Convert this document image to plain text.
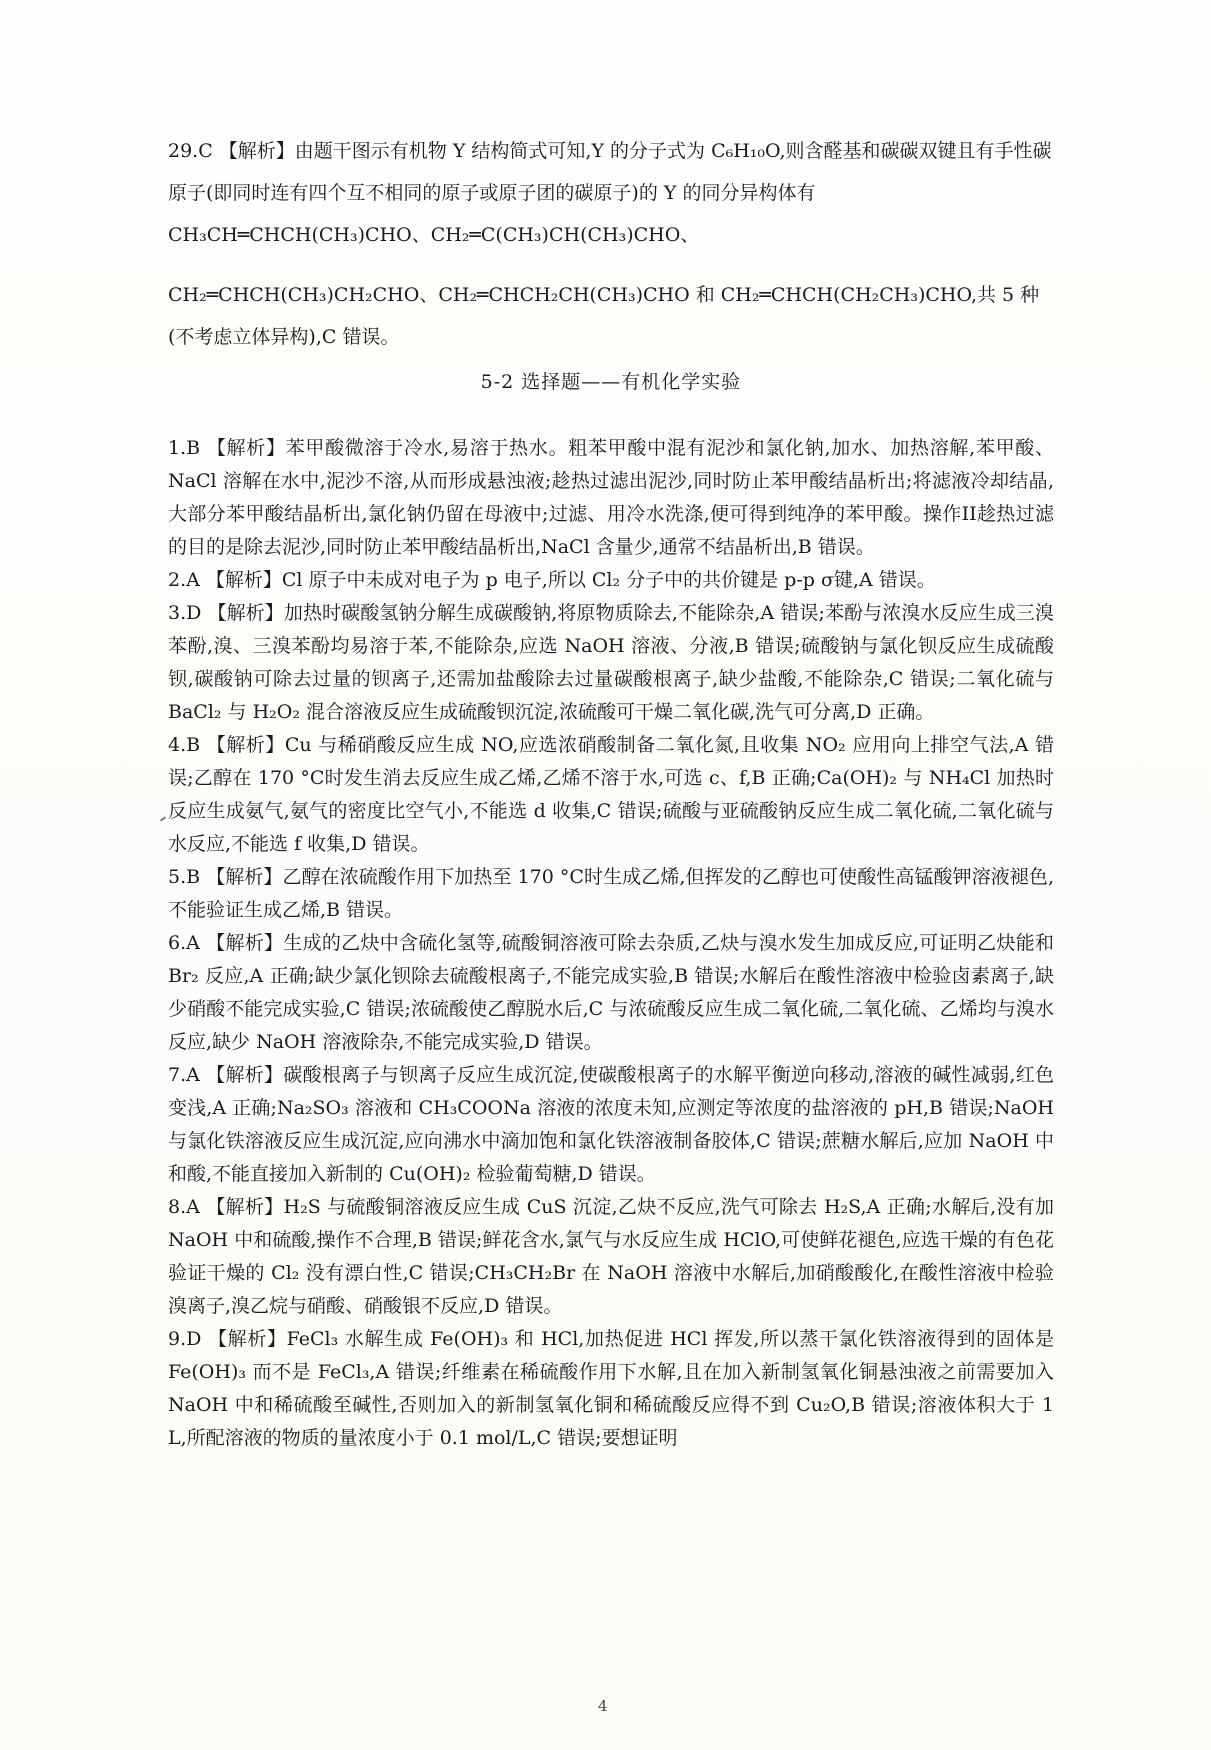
29.C 【解析】由题干图示有机物 Y 结构简式可知,Y 的分子式为 C₆H₁₀O,则含醛基和碳碳双键且有手性碳原子(即同时连有四个互不相同的原子或原子团的碳原子)的 Y 的同分异构体有 CH₃CH═CHCH(CH₃)CHO、CH₂═C(CH₃)CH(CH₃)CHO、

CH₂═CHCH(CH₃)CH₂CHO、CH₂═CHCH₂CH(CH₃)CHO 和 CH₂═CHCH(CH₂CH₃)CHO,共 5 种(不考虑立体异构),C 错误。

5-2 选择题——有机化学实验

1.B 【解析】苯甲酸微溶于冷水,易溶于热水。粗苯甲酸中混有泥沙和氯化钠,加水、加热溶解,苯甲酸、NaCl 溶解在水中,泥沙不溶,从而形成悬浊液;趁热过滤出泥沙,同时防止苯甲酸结晶析出;将滤液冷却结晶,大部分苯甲酸结晶析出,氯化钠仍留在母液中;过滤、用冷水洗涤,便可得到纯净的苯甲酸。操作II趁热过滤的目的是除去泥沙,同时防止苯甲酸结晶析出,NaCl 含量少,通常不结晶析出,B 错误。

2.A 【解析】Cl 原子中未成对电子为 p 电子,所以 Cl₂ 分子中的共价键是 p-p σ键,A 错误。

3.D 【解析】加热时碳酸氢钠分解生成碳酸钠,将原物质除去,不能除杂,A 错误;苯酚与浓溴水反应生成三溴苯酚,溴、三溴苯酚均易溶于苯,不能除杂,应选 NaOH 溶液、分液,B 错误;硫酸钠与氯化钡反应生成硫酸钡,碳酸钠可除去过量的钡离子,还需加盐酸除去过量碳酸根离子,缺少盐酸,不能除杂,C 错误;二氧化硫与 BaCl₂ 与 H₂O₂ 混合溶液反应生成硫酸钡沉淀,浓硫酸可干燥二氧化碳,洗气可分离,D 正确。

4.B 【解析】Cu 与稀硝酸反应生成 NO,应选浓硝酸制备二氧化氮,且收集 NO₂ 应用向上排空气法,A 错误;乙醇在 170 °C时发生消去反应生成乙烯,乙烯不溶于水,可选 c、f,B 正确;Ca(OH)₂ 与 NH₄Cl 加热时反应生成氨气,氨气的密度比空气小,不能选 d 收集,C 错误;硫酸与亚硫酸钠反应生成二氧化硫,二氧化硫与水反应,不能选 f 收集,D 错误。

5.B 【解析】乙醇在浓硫酸作用下加热至 170 °C时生成乙烯,但挥发的乙醇也可使酸性高锰酸钾溶液褪色,不能验证生成乙烯,B 错误。

6.A 【解析】生成的乙炔中含硫化氢等,硫酸铜溶液可除去杂质,乙炔与溴水发生加成反应,可证明乙炔能和 Br₂ 反应,A 正确;缺少氯化钡除去硫酸根离子,不能完成实验,B 错误;水解后在酸性溶液中检验卤素离子,缺少硝酸不能完成实验,C 错误;浓硫酸使乙醇脱水后,C 与浓硫酸反应生成二氧化硫,二氧化硫、乙烯均与溴水反应,缺少 NaOH 溶液除杂,不能完成实验,D 错误。

7.A 【解析】碳酸根离子与钡离子反应生成沉淀,使碳酸根离子的水解平衡逆向移动,溶液的碱性减弱,红色变浅,A 正确;Na₂SO₃ 溶液和 CH₃COONa 溶液的浓度未知,应测定等浓度的盐溶液的 pH,B 错误;NaOH 与氯化铁溶液反应生成沉淀,应向沸水中滴加饱和氯化铁溶液制备胶体,C 错误;蔗糖水解后,应加 NaOH 中和酸,不能直接加入新制的 Cu(OH)₂ 检验葡萄糖,D 错误。

8.A 【解析】H₂S 与硫酸铜溶液反应生成 CuS 沉淀,乙炔不反应,洗气可除去 H₂S,A 正确;水解后,没有加 NaOH 中和硫酸,操作不合理,B 错误;鲜花含水,氯气与水反应生成 HClO,可使鲜花褪色,应选干燥的有色花验证干燥的 Cl₂ 没有漂白性,C 错误;CH₃CH₂Br 在 NaOH 溶液中水解后,加硝酸酸化,在酸性溶液中检验溴离子,溴乙烷与硝酸、硝酸银不反应,D 错误。

9.D 【解析】FeCl₃ 水解生成 Fe(OH)₃ 和 HCl,加热促进 HCl 挥发,所以蒸干氯化铁溶液得到的固体是 Fe(OH)₃ 而不是 FeCl₃,A 错误;纤维素在稀硫酸作用下水解,且在加入新制氢氧化铜悬浊液之前需要加入 NaOH 中和稀硫酸至碱性,否则加入的新制氢氧化铜和稀硫酸反应得不到 Cu₂O,B 错误;溶液体积大于 1 L,所配溶液的物质的量浓度小于 0.1 mol/L,C 错误;要想证明

4
